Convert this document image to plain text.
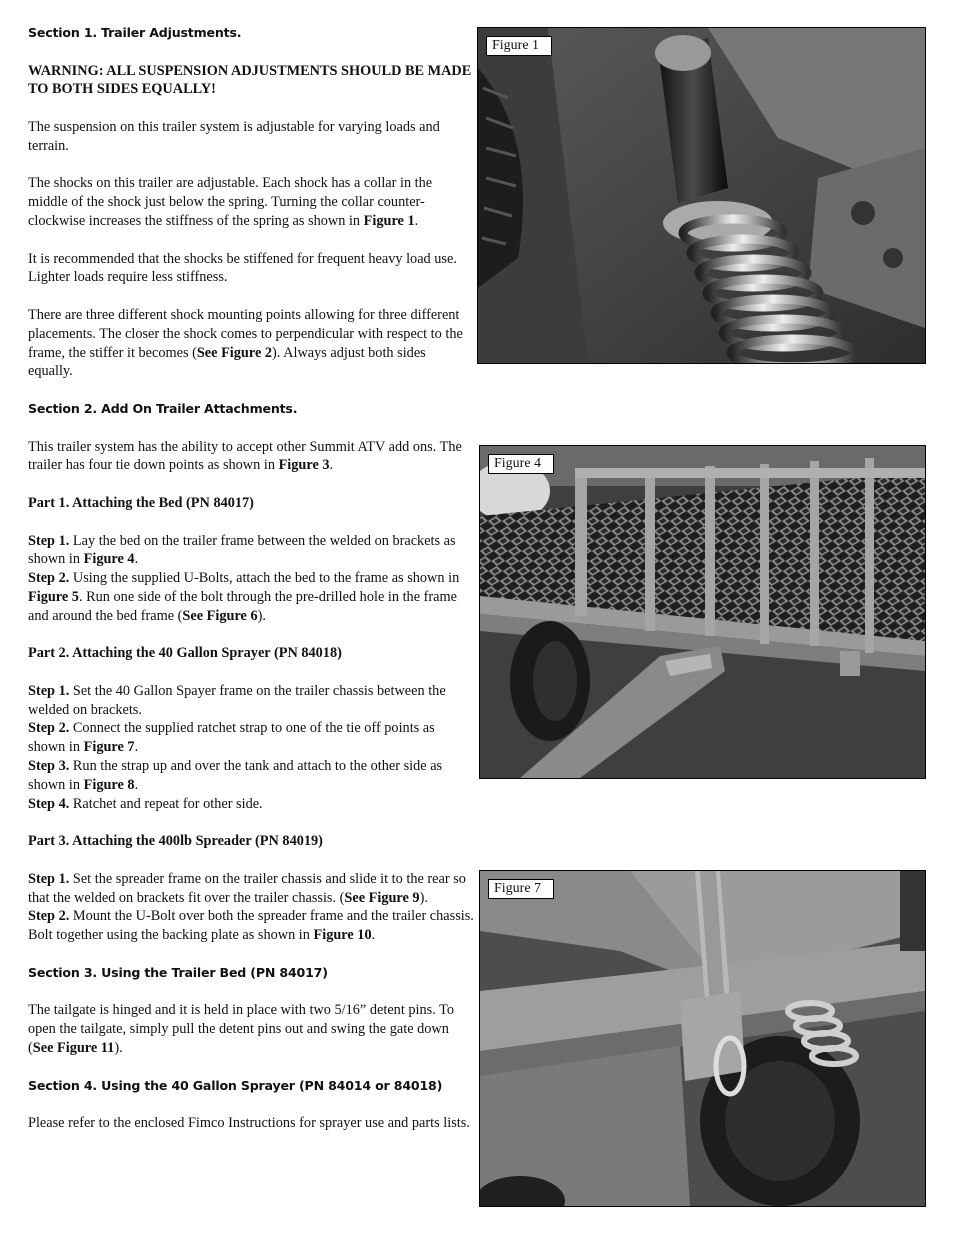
Section 1. Trailer Adjustments.

WARNING: ALL SUSPENSION ADJUSTMENTS SHOULD BE MADE TO BOTH SIDES EQUALLY!

The suspension on this trailer system is adjustable for varying loads and terrain.

The shocks on this trailer are adjustable. Each shock has a collar in the middle of the shock just below the spring. Turning the collar counter-clockwise increases the stiffness of the spring as shown in Figure 1.

It is recommended that the shocks be stiffened for frequent heavy load use. Lighter loads require less stiffness.

There are three different shock mounting points allowing for three different placements. The closer the shock comes to perpendicular with respect to the frame, the stiffer it becomes (See Figure 2). Always adjust both sides equally.

Section 2. Add On Trailer Attachments.

This trailer system has the ability to accept other Summit ATV add ons. The trailer has four tie down points as shown in Figure 3.

Part 1. Attaching the Bed (PN 84017)

Step 1. Lay the bed on the trailer frame between the welded on brackets as shown in Figure 4.

Step 2. Using the supplied U-Bolts, attach the bed to the frame as shown in Figure 5. Run one side of the bolt through the pre-drilled hole in the frame and around the bed frame (See Figure 6).

Part 2. Attaching the 40 Gallon Sprayer (PN 84018)

Step 1. Set the 40 Gallon Spayer frame on the trailer chassis between the welded on brackets.

Step 2. Connect the supplied ratchet strap to one of the tie off points as shown in Figure 7.

Step 3. Run the strap up and over the tank and attach to the other side as shown in Figure 8.

Step 4. Ratchet and repeat for other side.

Part 3. Attaching the 400lb Spreader (PN 84019)

Step 1. Set the spreader frame on the trailer chassis and slide it to the rear so that the welded on brackets fit over the trailer chassis. (See Figure 9).

Step 2. Mount the U-Bolt over both the spreader frame and the trailer chassis. Bolt together using the backing plate as shown in Figure 10.

Section 3. Using the Trailer Bed (PN 84017)

The tailgate is hinged and it is held in place with two 5/16” detent pins. To open the tailgate, simply pull the detent pins out and swing the gate down (See Figure 11).

Section 4. Using the 40 Gallon Sprayer (PN 84014 or 84018)

Please refer to the enclosed Fimco Instructions for sprayer use and parts lists.

Figure 1
Figure 4
Figure 7
